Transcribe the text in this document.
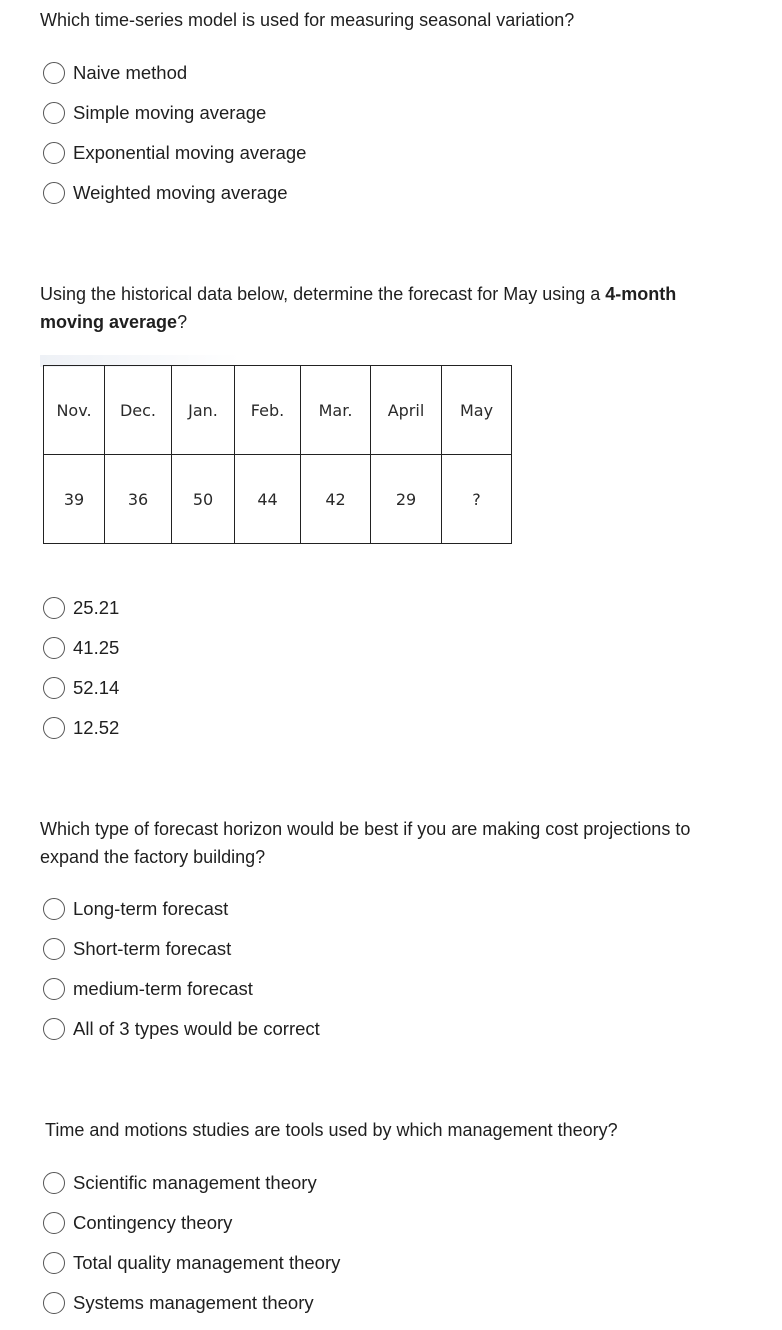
Which time-series model is used for measuring seasonal variation?

Naive method
Simple moving average
Exponential moving average
Weighted moving average

Using the historical data below, determine the forecast for May using a 4-month
moving average?

Nov.	Dec.	Jan.	Feb.	Mar.	April	May
39	36	50	44	42	29	?
25.21
41.25
52.14
12.52

Which type of forecast horizon would be best if you are making cost projections to expand the factory building?

Long-term forecast
Short-term forecast
medium-term forecast
All of 3 types would be correct

Time and motions studies are tools used by which management theory?

Scientific management theory
Contingency theory
Total quality management theory
Systems management theory
